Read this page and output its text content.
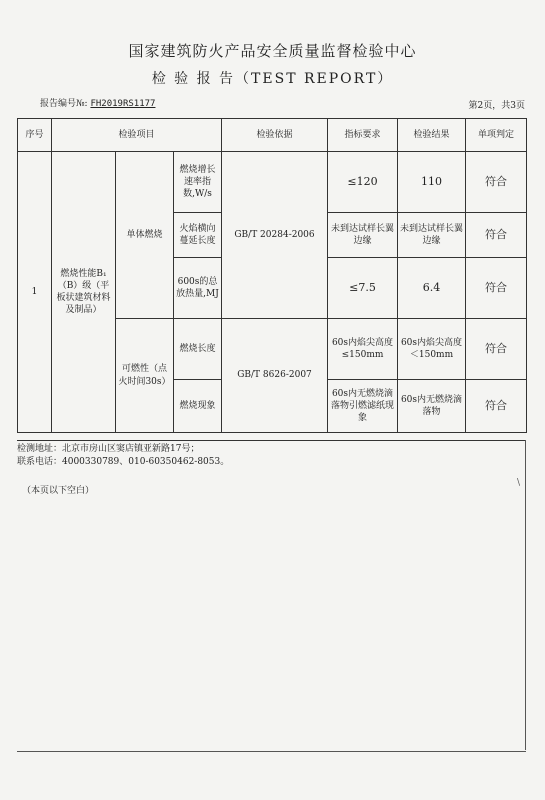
国家建筑防火产品安全质量监督检验中心
检 验 报 告（TEST REPORT）
报告编号№: FH2019RS1177	第2页，共3页
序号	检验项目			检验依据	指标要求	检验结果	单项判定
1	燃烧性能B₁（B）级（平板状建筑材料及制品）	单体燃烧	燃烧增长速率指数,W/s	GB/T 20284-2006	≤120	110	符合
			火焰横向蔓延长度		未到达试样长翼边缘	未到达试样长翼边缘	符合
			600s的总放热量,MJ		≤7.5	6.4	符合
		可燃性（点火时间30s）	燃烧长度	GB/T 8626-2007	60s内焰尖高度≤150mm	60s内焰尖高度＜150mm	符合
			燃烧现象		60s内无燃烧滴落物引燃滤纸现象	60s内无燃烧滴落物	符合
检测地址：北京市房山区窦店镇亚新路17号；
联系电话：4000330789、010-60350462-8053。
（本页以下空白）
\
